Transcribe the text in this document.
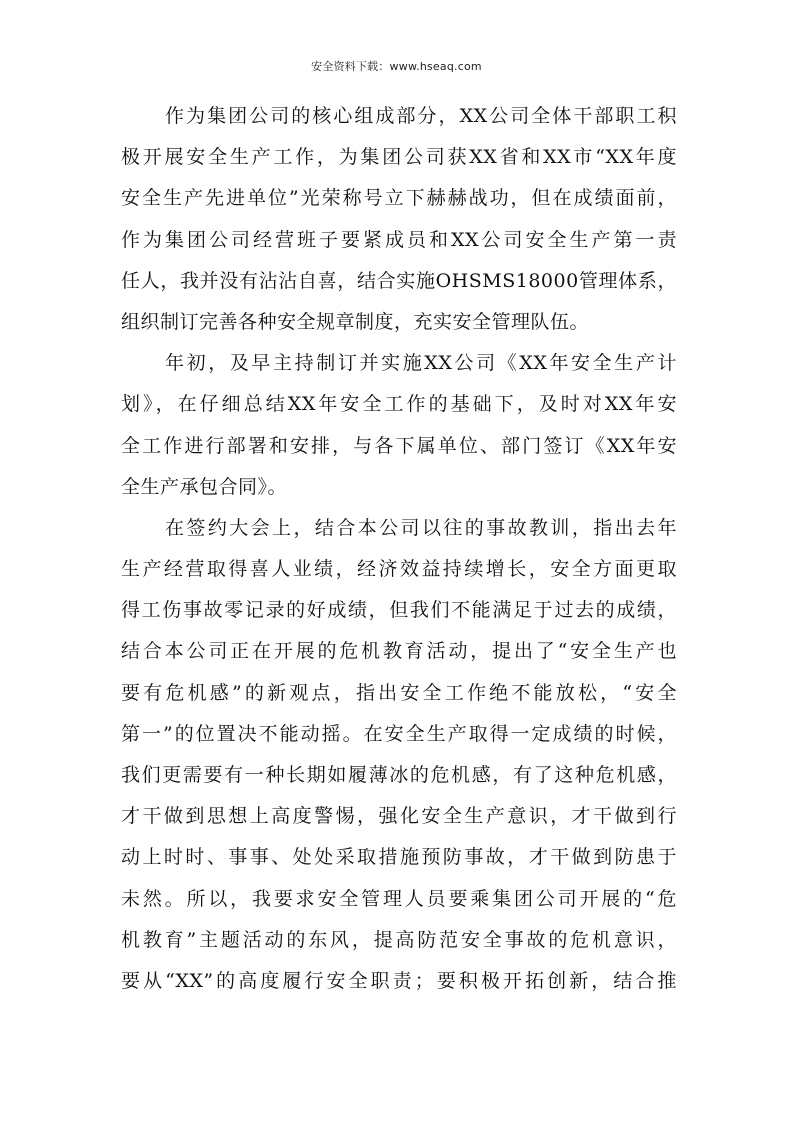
安全资料下载：www.hseaq.com
作为集团公司的核心组成部分，XX公司全体干部职工积
极开展安全生产工作，为集团公司获XX省和XX市“XX年度
安全生产先进单位”光荣称号立下赫赫战功，但在成绩面前，
作为集团公司经营班子要紧成员和XX公司安全生产第一责
任人，我并没有沾沾自喜，结合实施OHSMS18000管理体系，
组织制订完善各种安全规章制度，充实安全管理队伍。
年初，及早主持制订并实施XX公司《XX年安全生产计
划》，在仔细总结XX年安全工作的基础下，及时对XX年安
全工作进行部署和安排，与各下属单位、部门签订《XX年安
全生产承包合同》。
在签约大会上，结合本公司以往的事故教训，指出去年
生产经营取得喜人业绩，经济效益持续增长，安全方面更取
得工伤事故零记录的好成绩，但我们不能满足于过去的成绩，
结合本公司正在开展的危机教育活动，提出了“安全生产也
要有危机感”的新观点，指出安全工作绝不能放松，“安全
第一”的位置决不能动摇。在安全生产取得一定成绩的时候，
我们更需要有一种长期如履薄冰的危机感，有了这种危机感，
才干做到思想上高度警惕，强化安全生产意识，才干做到行
动上时时、事事、处处采取措施预防事故，才干做到防患于
未然。所以，我要求安全管理人员要乘集团公司开展的“危
机教育”主题活动的东风，提高防范安全事故的危机意识，
要从“XX”的高度履行安全职责；要积极开拓创新，结合推
